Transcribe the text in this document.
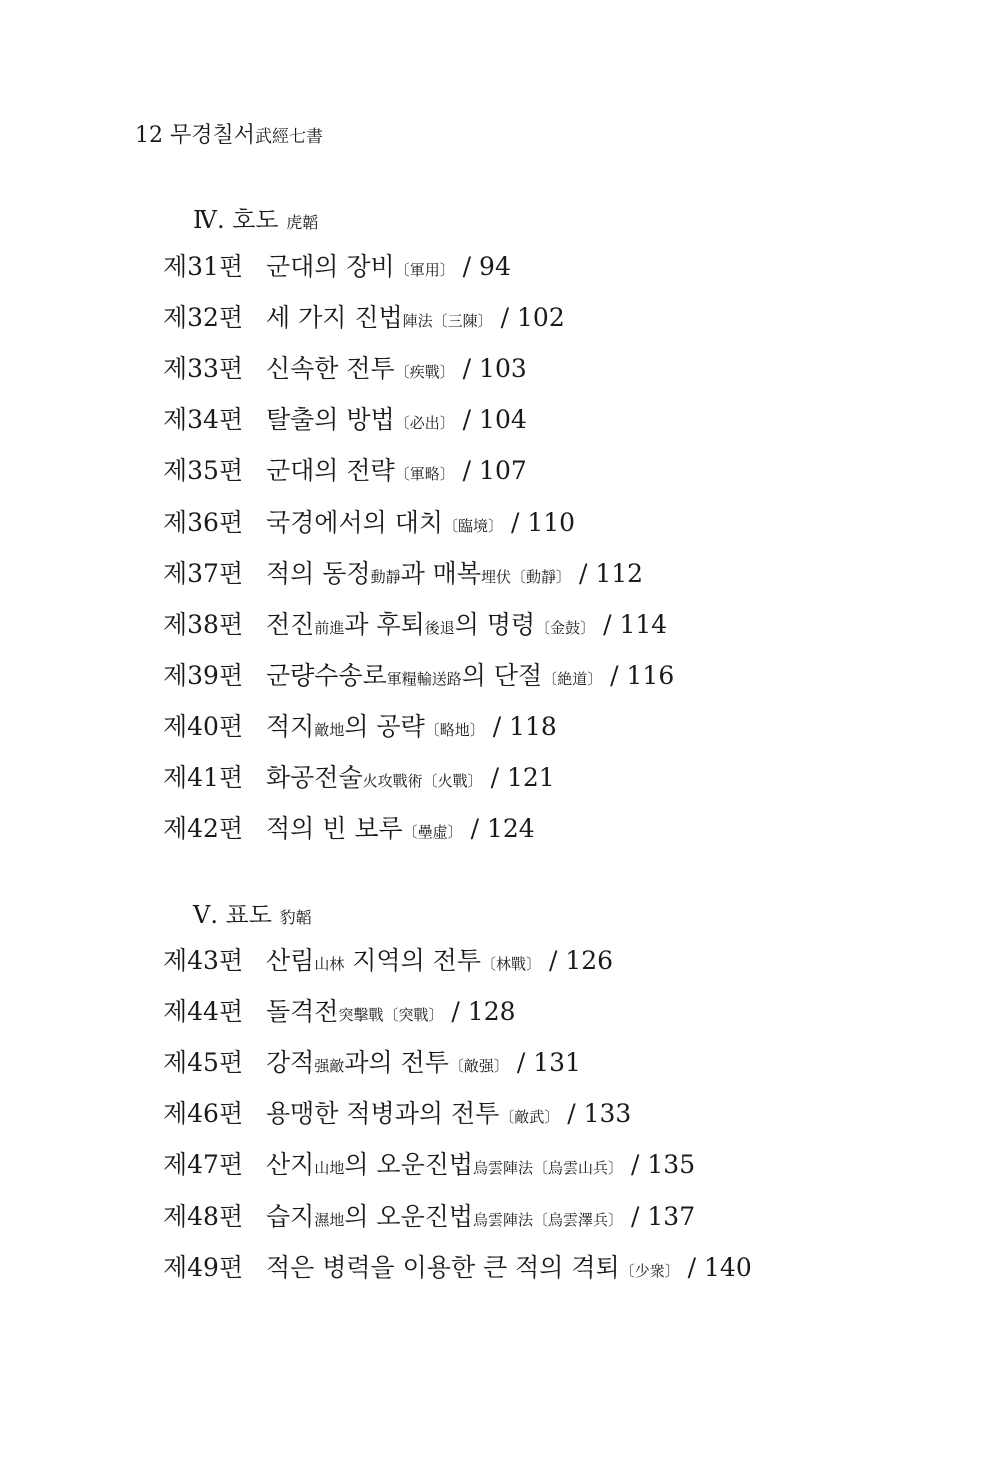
12 무경칠서武經七書
Ⅳ. 호도 虎韜
제31편 군대의 장비〔軍用〕 / 94
제32편 세 가지 진법陣法〔三陳〕 / 102
제33편 신속한 전투〔疾戰〕 / 103
제34편 탈출의 방법〔必出〕 / 104
제35편 군대의 전략〔軍略〕 / 107
제36편 국경에서의 대치〔臨境〕 / 110
제37편 적의 동정動靜과 매복埋伏〔動靜〕 / 112
제38편 전진前進과 후퇴後退의 명령〔金鼓〕 / 114
제39편 군량수송로軍糧輸送路의 단절〔絶道〕 / 116
제40편 적지敵地의 공략〔略地〕 / 118
제41편 화공전술火攻戰術〔火戰〕 / 121
제42편 적의 빈 보루〔壘虛〕 / 124
Ⅴ. 표도 豹韜
제43편 산림山林 지역의 전투〔林戰〕 / 126
제44편 돌격전突擊戰〔突戰〕 / 128
제45편 강적强敵과의 전투〔敵强〕 / 131
제46편 용맹한 적병과의 전투〔敵武〕 / 133
제47편 산지山地의 오운진법烏雲陣法〔烏雲山兵〕 / 135
제48편 습지濕地의 오운진법烏雲陣法〔烏雲澤兵〕 / 137
제49편 적은 병력을 이용한 큰 적의 격퇴〔少衆〕 / 140
